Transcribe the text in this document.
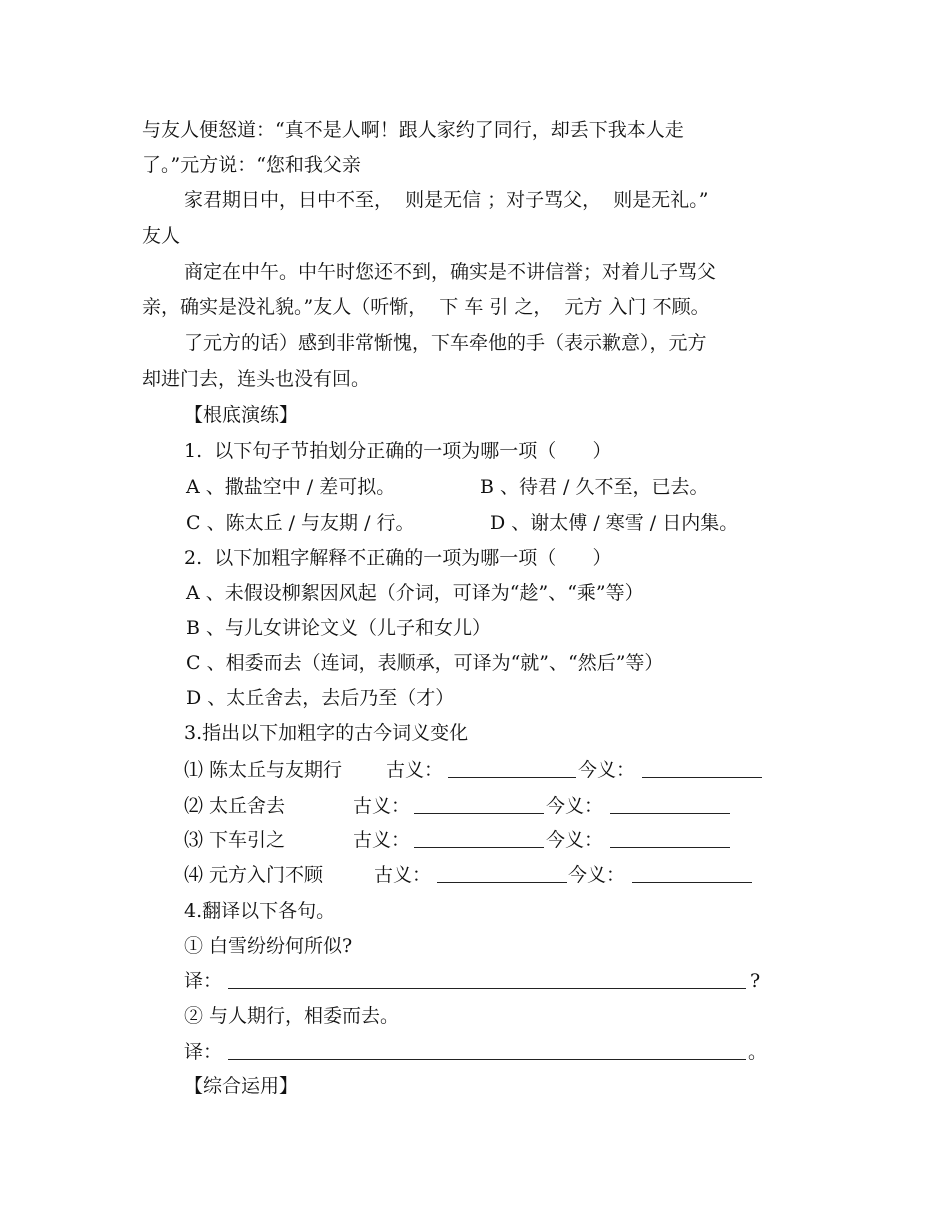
与友人便怒道：“真不是人啊！跟人家约了同行，却丢下我本人走
了。”元方说：“您和我父亲
家君期日中，日中不至，  则是无信 ；对子骂父，  则是无礼。”
友人
商定在中午。中午时您还不到，确实是不讲信誉；对着儿子骂父
亲，确实是没礼貌。”友人（听惭，  下 车 引 之，  元方 入门 不顾。
了元方的话）感到非常惭愧，下车牵他的手（表示歉意），元方
却进门去，连头也没有回。
【根底演练】
1.  以下句子节拍划分正确的一项为哪一项（      ）
A 、撒盐空中 / 差可拟。	B 、待君 / 久不至，已去。
C 、陈太丘 / 与友期 / 行。	D 、谢太傅 / 寒雪 / 日内集。
2.  以下加粗字解释不正确的一项为哪一项（      ）
A 、未假设柳絮因风起（介词，可译为“趁”、“乘”等）
B 、与儿女讲论文义（儿子和女儿）
C 、相委而去（连词，表顺承，可译为“就”、“然后”等）
D 、太丘舍去，去后乃至（才）
3.指出以下加粗字的古今词义变化
⑴ 陈太丘与友期行 古义：	今义：
⑵ 太丘舍去	古义：	今义：
⑶ 下车引之	古义：	今义：
⑷ 元方入门不顾	古义：	今义：
4.翻译以下各句。
① 白雪纷纷何所似?
译：	?
② 与人期行，相委而去。
译：	。
【综合运用】
